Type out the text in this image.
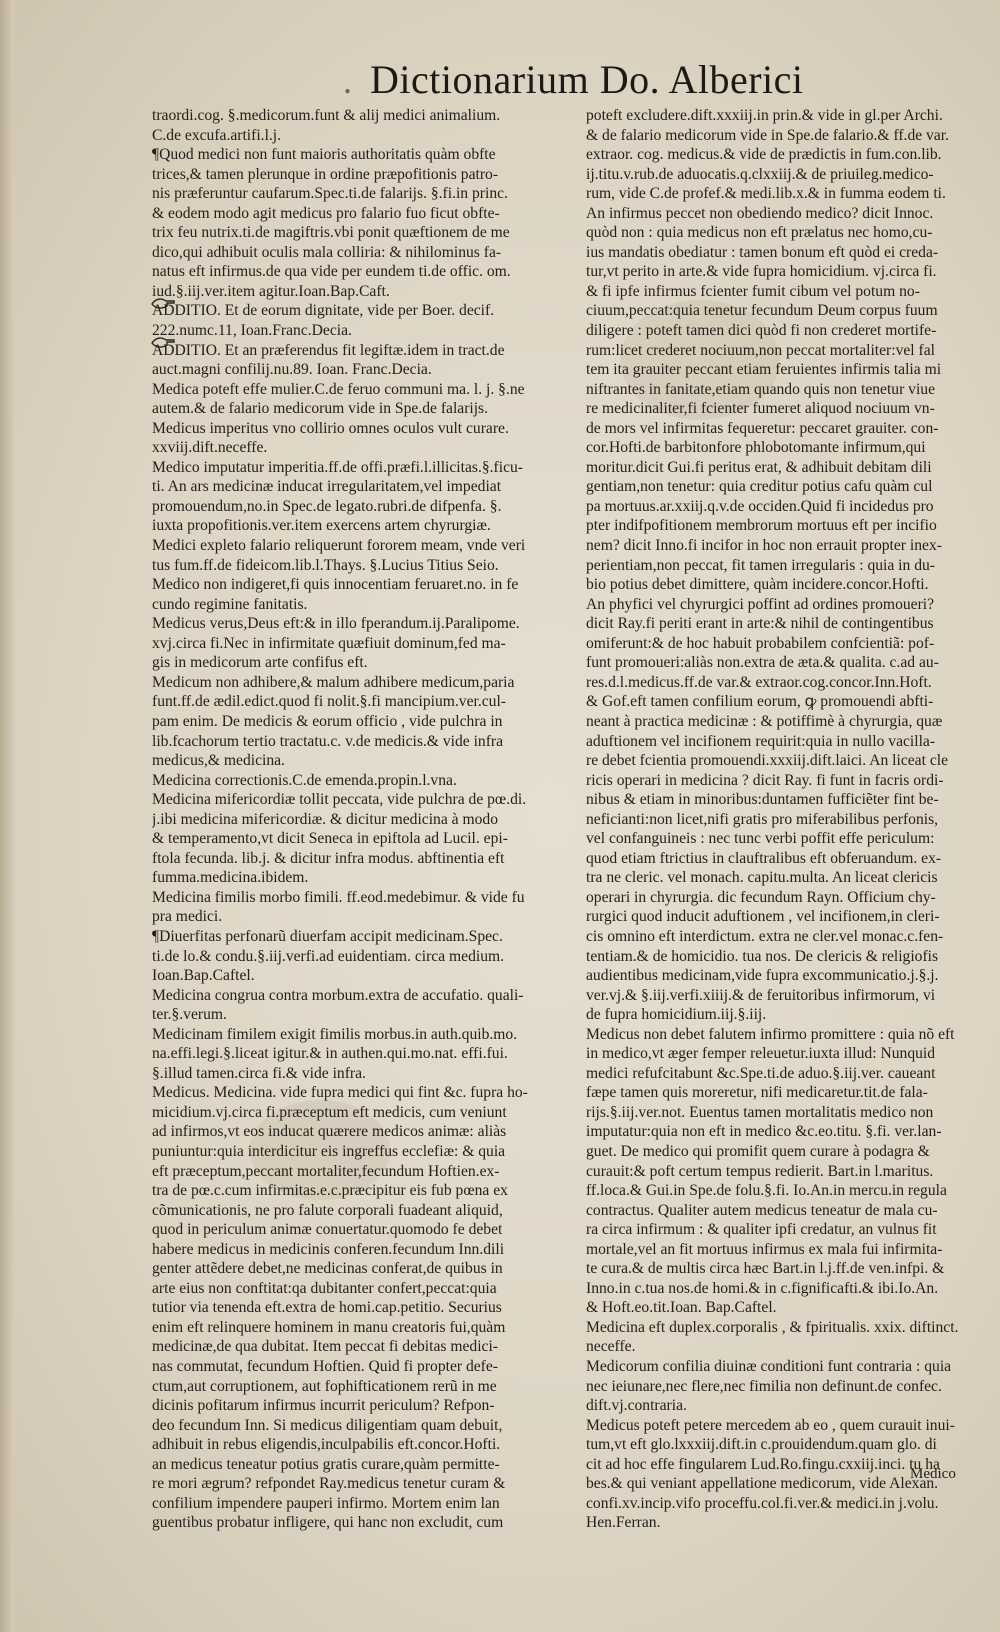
. Dictionarium Do. Alberici
traordi.cog. §.medicorum.funt & alij medici animalium.
C.de excufa.artifi.l.j.
¶Quod medici non funt maioris authoritatis quàm obfte
trices,& tamen plerunque in ordine præpofitionis patro-
nis præferuntur caufarum.Spec.ti.de falarijs. §.fi.in princ.
& eodem modo agit medicus pro falario fuo ficut obfte-
trix feu nutrix.ti.de magiftris.vbi ponit quæftionem de me
dico,qui adhibuit oculis mala colliria: & nihilominus fa-
natus eft infirmus.de qua vide per eundem ti.de offic. om.
iud.§.iij.ver.item agitur.Ioan.Bap.Caft.
ADDITIO. Et de eorum dignitate, vide per Boer. decif.
222.numc.11, Ioan.Franc.Decia.
ADDITIO. Et an præferendus fit legiftæ.idem in tract.de
auct.magni confilij.nu.89. Ioan. Franc.Decia.
Medica poteft effe mulier.C.de feruo communi ma. l. j. §.ne
autem.& de falario medicorum vide in Spe.de falarijs.
Medicus imperitus vno collirio omnes oculos vult curare.
xxviij.dift.neceffe.
Medico imputatur imperitia.ff.de offi.præfi.l.illicitas.§.ficu-
ti. An ars medicinæ inducat irregularitatem,vel impediat
promouendum,no.in Spec.de legato.rubri.de difpenfa. §.
iuxta propofitionis.ver.item exercens artem chyrurgiæ.
Medici expleto falario reliquerunt fororem meam, vnde veri
tus fum.ff.de fideicom.lib.l.Thays. §.Lucius Titius Seio.
Medico non indigeret,fi quis innocentiam feruaret.no. in fe
cundo regimine fanitatis.
Medicus verus,Deus eft:& in illo fperandum.ij.Paralipome.
xvj.circa fi.Nec in infirmitate quæfiuit dominum,fed ma-
gis in medicorum arte confifus eft.
Medicum non adhibere,& malum adhibere medicum,paria
funt.ff.de ædil.edict.quod fi nolit.§.fi mancipium.ver.cul-
pam enim. De medicis & eorum officio , vide pulchra in
lib.fcachorum tertio tractatu.c. v.de medicis.& vide infra
medicus,& medicina.
Medicina correctionis.C.de emenda.propin.l.vna.
Medicina mifericordiæ tollit peccata, vide pulchra de pœ.di.
j.ibi medicina mifericordiæ. & dicitur medicina à modo
& temperamento,vt dicit Seneca in epiftola ad Lucil. epi-
ftola fecunda. lib.j. & dicitur infra modus. abftinentia eft
fumma.medicina.ibidem.
Medicina fimilis morbo fimili. ff.eod.medebimur. & vide fu
pra medici.
¶Diuerfitas perfonarũ diuerfam accipit medicinam.Spec.
ti.de lo.& condu.§.iij.verfi.ad euidentiam. circa medium.
Ioan.Bap.Caftel.
Medicina congrua contra morbum.extra de accufatio. quali-
ter.§.verum.
Medicinam fimilem exigit fimilis morbus.in auth.quib.mo.
na.effi.legi.§.liceat igitur.& in authen.qui.mo.nat. effi.fui.
§.illud tamen.circa fi.& vide infra.
Medicus. Medicina. vide fupra medici qui fint &c. fupra ho-
micidium.vj.circa fi.præceptum eft medicis, cum veniunt
ad infirmos,vt eos inducat quærere medicos animæ: aliàs
puniuntur:quia interdicitur eis ingreffus ecclefiæ: & quia
eft præceptum,peccant mortaliter,fecundum Hoftien.ex-
tra de pœ.c.cum infirmitas.e.c.præcipitur eis fub pœna ex
cõmunicationis, ne pro falute corporali fuadeant aliquid,
quod in periculum animæ conuertatur.quomodo fe debet
habere medicus in medicinis conferen.fecundum Inn.dili
genter attẽdere debet,ne medicinas conferat,de quibus in
arte eius non conftitat:qa dubitanter confert,peccat:quia
tutior via tenenda eft.extra de homi.cap.petitio. Securius
enim eft relinquere hominem in manu creatoris fui,quàm
medicinæ,de qua dubitat. Item peccat fi debitas medici-
nas commutat, fecundum Hoftien. Quid fi propter defe-
ctum,aut corruptionem, aut fophifticationem rerũ in me
dicinis pofitarum infirmus incurrit periculum? Refpon-
deo fecundum Inn. Si medicus diligentiam quam debuit,
adhibuit in rebus eligendis,inculpabilis eft.concor.Hofti.
an medicus teneatur potius gratis curare,quàm permitte-
re mori ægrum? refpondet Ray.medicus tenetur curam &
confilium impendere pauperi infirmo. Mortem enim lan
guentibus probatur infligere, qui hanc non excludit, cum
poteft excludere.dift.xxxiij.in prin.& vide in gl.per Archi.
& de falario medicorum vide in Spe.de falario.& ff.de var.
extraor. cog. medicus.& vide de prædictis in fum.con.lib.
ij.titu.v.rub.de aduocatis.q.clxxiij.& de priuileg.medico-
rum, vide C.de profef.& medi.lib.x.& in fumma eodem ti.
An infirmus peccet non obediendo medico? dicit Innoc.
quòd non : quia medicus non eft prælatus nec homo,cu-
ius mandatis obediatur : tamen bonum eft quòd ei creda-
tur,vt perito in arte.& vide fupra homicidium. vj.circa fi.
& fi ipfe infirmus fcienter fumit cibum vel potum no-
ciuum,peccat:quia tenetur fecundum Deum corpus fuum
diligere : poteft tamen dici quòd fi non crederet mortife-
rum:licet crederet nociuum,non peccat mortaliter:vel fal
tem ita grauiter peccant etiam feruientes infirmis talia mi
niftrantes in fanitate,etiam quando quis non tenetur viue
re medicinaliter,fi fcienter fumeret aliquod nociuum vn-
de mors vel infirmitas fequeretur: peccaret grauiter. con-
cor.Hofti.de barbitonfore phlobotomante infirmum,qui
moritur.dicit Gui.fi peritus erat, & adhibuit debitam dili
gentiam,non tenetur: quia creditur potius cafu quàm cul
pa mortuus.ar.xxiij.q.v.de occiden.Quid fi incidedus pro
pter indifpofitionem membrorum mortuus eft per incifio
nem? dicit Inno.fi incifor in hoc non errauit propter inex-
perientiam,non peccat, fit tamen irregularis : quia in du-
bio potius debet dimittere, quàm incidere.concor.Hofti.
An phyfici vel chyrurgici poffint ad ordines promoueri?
dicit Ray.fi periti erant in arte:& nihil de contingentibus
omiferunt:& de hoc habuit probabilem confcientiã: pof-
funt promoueri:aliàs non.extra de æta.& qualita. c.ad au-
res.d.l.medicus.ff.de var.& extraor.cog.concor.Inn.Hoft.
& Gof.eft tamen confilium eorum, ꝙ promouendi abfti-
neant à practica medicinæ : & potiffimè à chyrurgia, quæ
aduftionem vel incifionem requirit:quia in nullo vacilla-
re debet fcientia promouendi.xxxiij.dift.laici. An liceat cle
ricis operari in medicina ? dicit Ray. fi funt in facris ordi-
nibus & etiam in minoribus:duntamen fufficiẽter fint be-
neficianti:non licet,nifi gratis pro miferabilibus perfonis,
vel confanguineis : nec tunc verbi poffit effe periculum:
quod etiam ftrictius in clauftralibus eft obferuandum. ex-
tra ne cleric. vel monach. capitu.multa. An liceat clericis
operari in chyrurgia. dic fecundum Rayn. Officium chy-
rurgici quod inducit aduftionem , vel incifionem,in cleri-
cis omnino eft interdictum. extra ne cler.vel monac.c.fen-
tentiam.& de homicidio. tua nos. De clericis & religiofis
audientibus medicinam,vide fupra excommunicatio.j.§.j.
ver.vj.& §.iij.verfi.xiiij.& de feruitoribus infirmorum, vi
de fupra homicidium.iij.§.iij.
Medicus non debet falutem infirmo promittere : quia nõ eft
in medico,vt æger femper releuetur.iuxta illud: Nunquid
medici refufcitabunt &c.Spe.ti.de aduo.§.iij.ver. caueant
fæpe tamen quis moreretur, nifi medicaretur.tit.de fala-
rijs.§.iij.ver.not. Euentus tamen mortalitatis medico non
imputatur:quia non eft in medico &c.eo.titu. §.fi. ver.lan-
guet. De medico qui promifit quem curare à podagra &
curauit:& poft certum tempus redierit. Bart.in l.maritus.
ff.loca.& Gui.in Spe.de folu.§.fi. Io.An.in mercu.in regula
contractus. Qualiter autem medicus teneatur de mala cu-
ra circa infirmum : & qualiter ipfi credatur, an vulnus fit
mortale,vel an fit mortuus infirmus ex mala fui infirmita-
te cura.& de multis circa hæc Bart.in l.j.ff.de ven.infpi. &
Inno.in c.tua nos.de homi.& in c.fignificafti.& ibi.Io.An.
& Hoft.eo.tit.Ioan. Bap.Caftel.
Medicina eft duplex.corporalis , & fpiritualis. xxix. diftinct.
neceffe.
Medicorum confilia diuinæ conditioni funt contraria : quia
nec ieiunare,nec flere,nec fimilia non definunt.de confec.
dift.vj.contraria.
Medicus poteft petere mercedem ab eo , quem curauit inui-
tum,vt eft glo.lxxxiij.dift.in c.prouidendum.quam glo. di
cit ad hoc effe fingularem Lud.Ro.fingu.cxxiij.inci. tu ha
bes.& qui veniant appellatione medicorum, vide Alexan.
confi.xv.incip.vifo proceffu.col.fi.ver.& medici.in j.volu.
Hen.Ferran.
Medico
